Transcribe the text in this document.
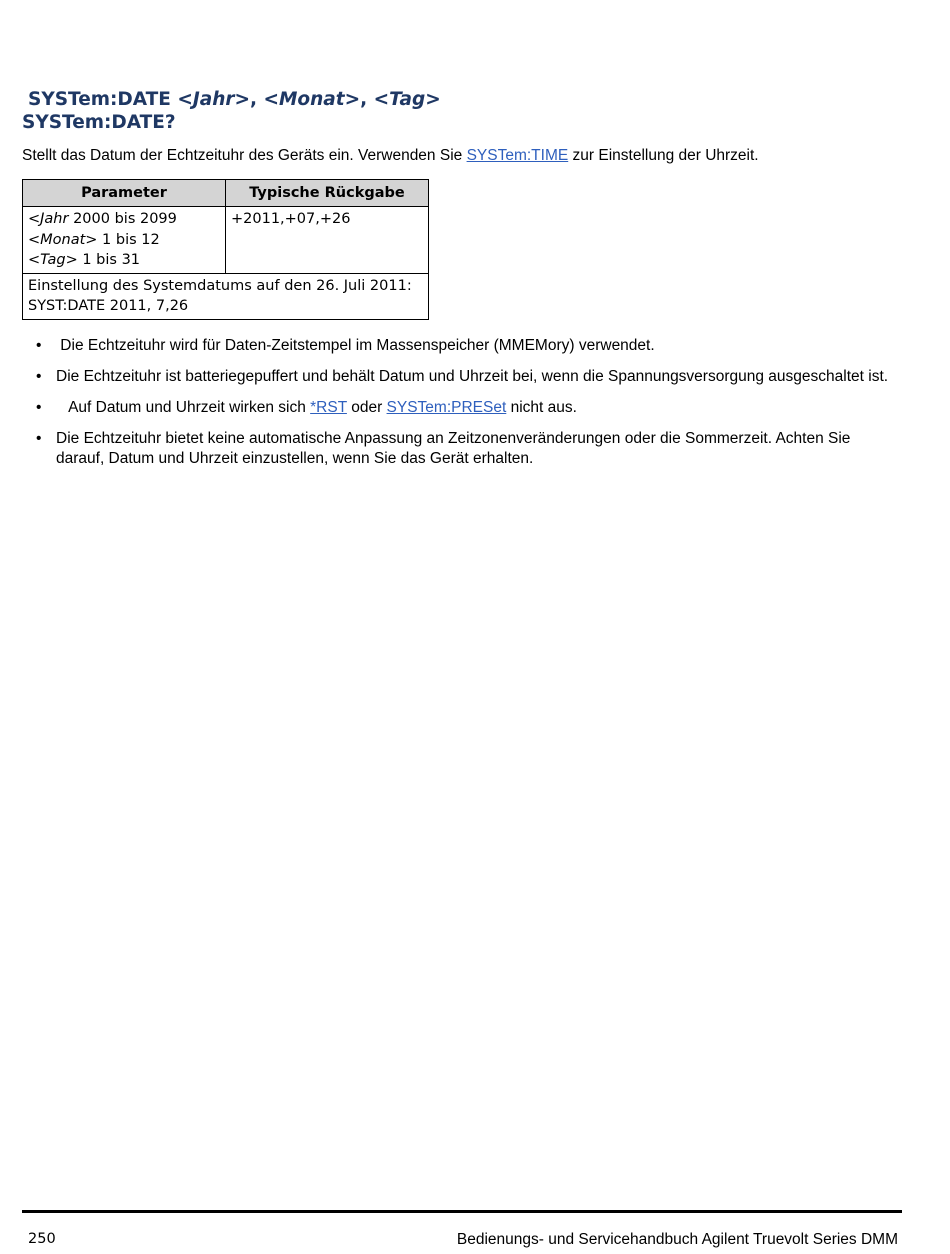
SYSTem:DATE <Jahr>, <Monat>, <Tag>
SYSTem:DATE?

Stellt das Datum der Echtzeituhr des Geräts ein. Verwenden Sie SYSTem:TIME zur Einstellung der Uhrzeit.

Parameter	Typische Rückgabe

<Jahr 2000 bis 2099
<Monat> 1 bis 12
<Tag> 1 bis 31	+2011,+07,+26

Einstellung des Systemdatums auf den 26. Juli 2011:
SYST:DATE 2011, 7,26	
• Die Echtzeituhr wird für Daten-Zeitstempel im Massenspeicher (MMEMory) verwendet.
• Die Echtzeituhr ist batteriegepuffert und behält Datum und Uhrzeit bei, wenn die Spannungsversorgung ausgeschaltet ist.
• Auf Datum und Uhrzeit wirken sich *RST oder SYSTem:PRESet nicht aus.
• Die Echtzeituhr bietet keine automatische Anpassung an Zeitzonenveränderungen oder die Sommerzeit. Achten Sie darauf, Datum und Uhrzeit einzustellen, wenn Sie das Gerät erhalten.
250	Bedienungs- und Servicehandbuch Agilent Truevolt Series DMM
